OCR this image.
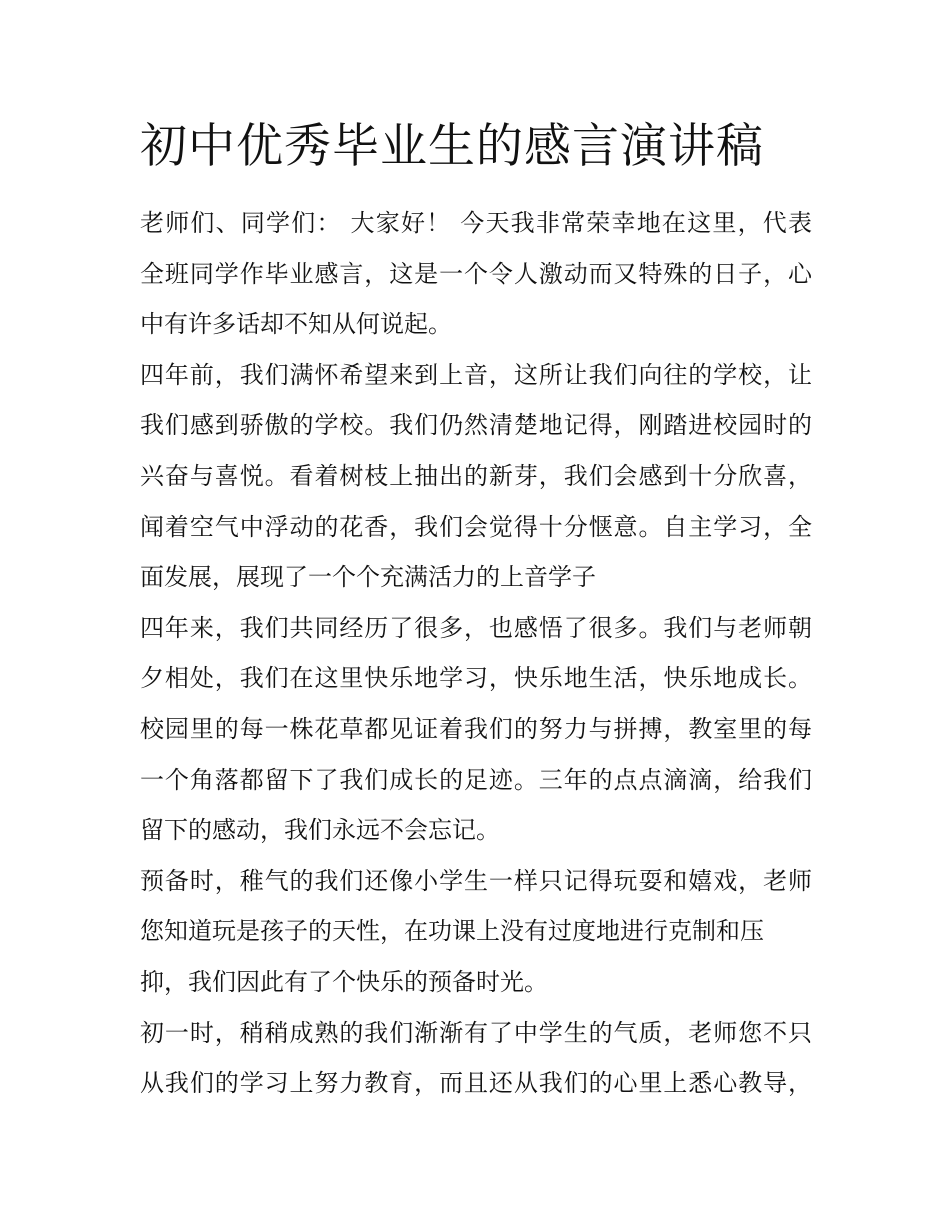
初中优秀毕业生的感言演讲稿
老师们、同学们： 大家好！ 今天我非常荣幸地在这里，代表
全班同学作毕业感言，这是一个令人激动而又特殊的日子，心
中有许多话却不知从何说起。
四年前，我们满怀希望来到上音，这所让我们向往的学校，让
我们感到骄傲的学校。我们仍然清楚地记得，刚踏进校园时的
兴奋与喜悦。看着树枝上抽出的新芽，我们会感到十分欣喜，
闻着空气中浮动的花香，我们会觉得十分惬意。自主学习，全
面发展，展现了一个个充满活力的上音学子
四年来，我们共同经历了很多，也感悟了很多。我们与老师朝
夕相处，我们在这里快乐地学习，快乐地生活，快乐地成长。
校园里的每一株花草都见证着我们的努力与拼搏，教室里的每
一个角落都留下了我们成长的足迹。三年的点点滴滴，给我们
留下的感动，我们永远不会忘记。
预备时，稚气的我们还像小学生一样只记得玩耍和嬉戏，老师
您知道玩是孩子的天性，在功课上没有过度地进行克制和压
抑，我们因此有了个快乐的预备时光。
初一时，稍稍成熟的我们渐渐有了中学生的气质，老师您不只
从我们的学习上努力教育，而且还从我们的心里上悉心教导，
